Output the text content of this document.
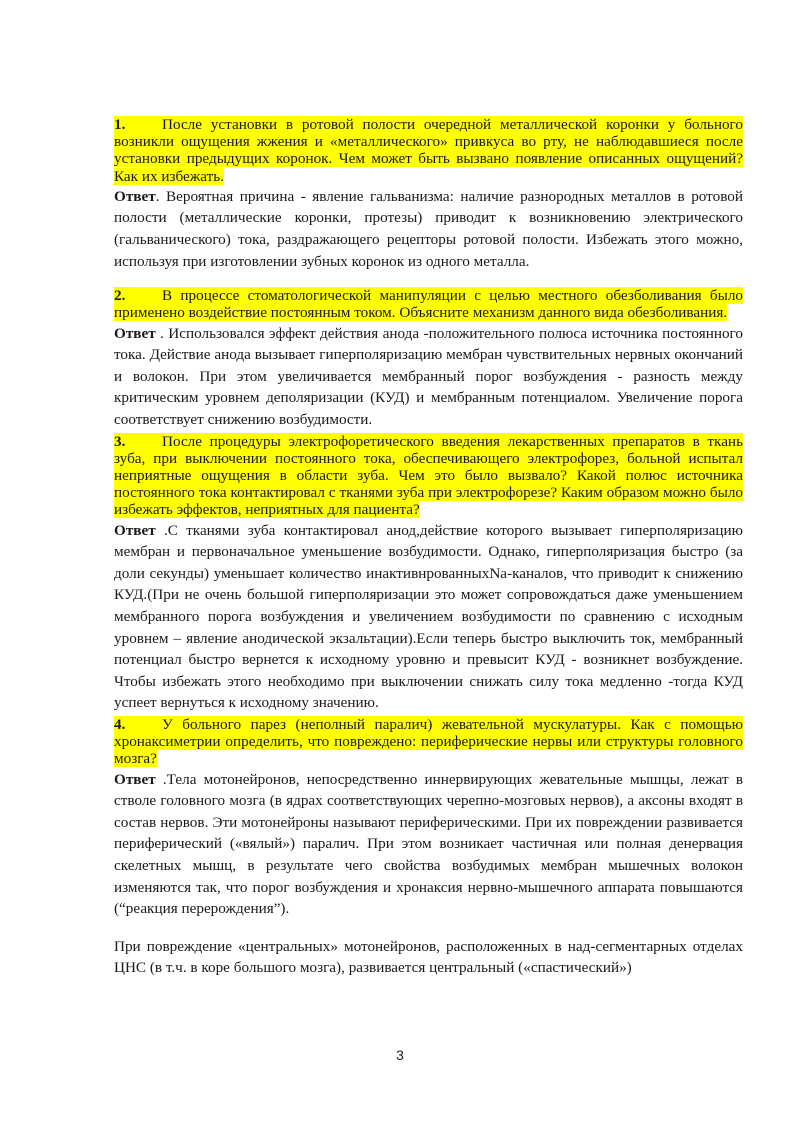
1. После установки в ротовой полости очередной металлической коронки у больного возникли ощущения жжения и «металлического» привкуса во рту, не наблюдавшиеся после установки предыдущих коронок. Чем может быть вызвано появление описанных ощущений? Как их избежать.

Ответ. Вероятная причина - явление гальванизма: наличие разнородных металлов в ротовой полости (металлические коронки, протезы) приводит к возникновению электрического (гальванического) тока, раздражающего рецепторы ротовой полости. Избежать этого можно, используя при изготовлении зубных коронок из одного металла.

2. В процессе стоматологической манипуляции с целью местного обезболивания было применено воздействие постоянным током. Объясните механизм данного вида обезболивания.

Ответ . Использовался эффект действия анода -положительного полюса источника постоянного тока. Действие анода вызывает гиперполяризацию мембран чувствительных нервных окончаний и волокон. При этом увеличивается мембранный порог возбуждения - разность между критическим уровнем деполяризации (КУД) и мембранным потенциалом. Увеличение порога соответствует снижению возбудимости.

3. После процедуры электрофоретического введения лекарственных препаратов в ткань зуба, при выключении постоянного тока, обеспечивающего электрофорез, больной испытал неприятные ощущения в области зуба. Чем это было вызвало? Какой полюс источника постоянного тока контактировал с тканями зуба при электрофорезе? Каким образом можно было избежать эффектов, неприятных для пациента?

Ответ .С тканями зуба контактировал анод,действие которого вызывает гиперполяризацию мембран и первоначальное уменьшение возбудимости. Однако, гиперполяризация быстро (за доли секунды) уменьшает количество инактивнрованныхNa-каналов, что приводит к снижению КУД.(При не очень большой гиперполяризации это может сопровождаться даже уменьшением мембранного порога возбуждения и увеличением возбудимости по сравнению с исходным уровнем – явление анодической экзальтации).Если теперь быстро выключить ток, мембранный потенциал быстро вернется к исходному уровню и превысит КУД - возникнет возбуждение. Чтобы избежать этого необходимо при выключении снижать силу тока медленно -тогда КУД успеет вернуться к исходному значению.

4. У больного парез (неполный паралич) жевательной мускулатуры. Как с помощью хронаксиметрии определить, что повреждено: периферические нервы или структуры головного мозга?

Ответ .Тела мотонейронов, непосредственно иннервирующих жевательные мышцы, лежат в стволе головного мозга (в ядрах соответствующих черепно-мозговых нервов), а аксоны входят в состав нервов. Эти мотонейроны называют периферическими. При их повреждении развивается периферический («вялый») паралич. При этом возникает частичная или полная денервация скелетных мышц, в результате чего свойства возбудимых мембран мышечных волокон изменяются так, что порог возбуждения и хронаксия нервно-мышечного аппарата повышаются (“реакция перерождения”).

При повреждение «центральных» мотонейронов, расположенных в над-сегментарных отделах ЦНС (в т.ч. в коре большого мозга), развивается центральный («спастический»)

3
